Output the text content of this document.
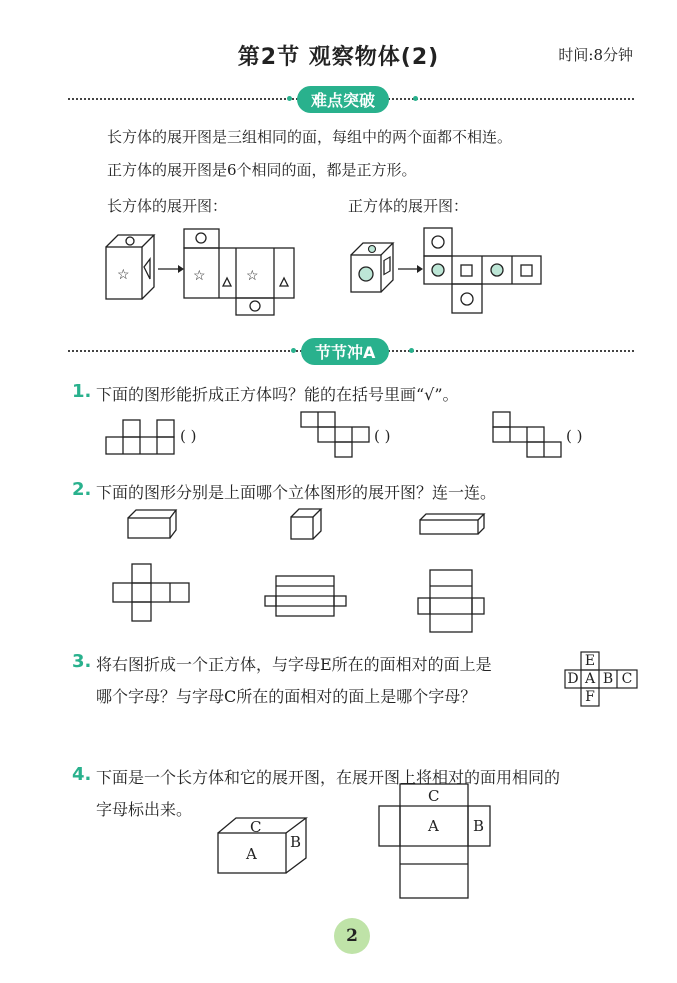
第2节 观察物体(2)	时间:8分钟
难点突破
长方体的展开图是三组相同的面，每组中的两个面都不相连。
正方体的展开图是6个相同的面，都是正方形。
长方体的展开图：	正方体的展开图：
☆	☆	☆
节节冲A
1. 下面的图形能折成正方体吗？能的在括号里画“√”。
( )	( )	( )
2. 下面的图形分别是上面哪个立体图形的展开图？连一连。
3. 将右图折成一个正方体，与字母E所在的面相对的面上是
哪个字母？与字母C所在的面相对的面上是哪个字母？
E
D A B C
F
4. 下面是一个长方体和它的展开图，在展开图上将相对的面用相同的
字母标出来。
C
A
B
C
A B
2
